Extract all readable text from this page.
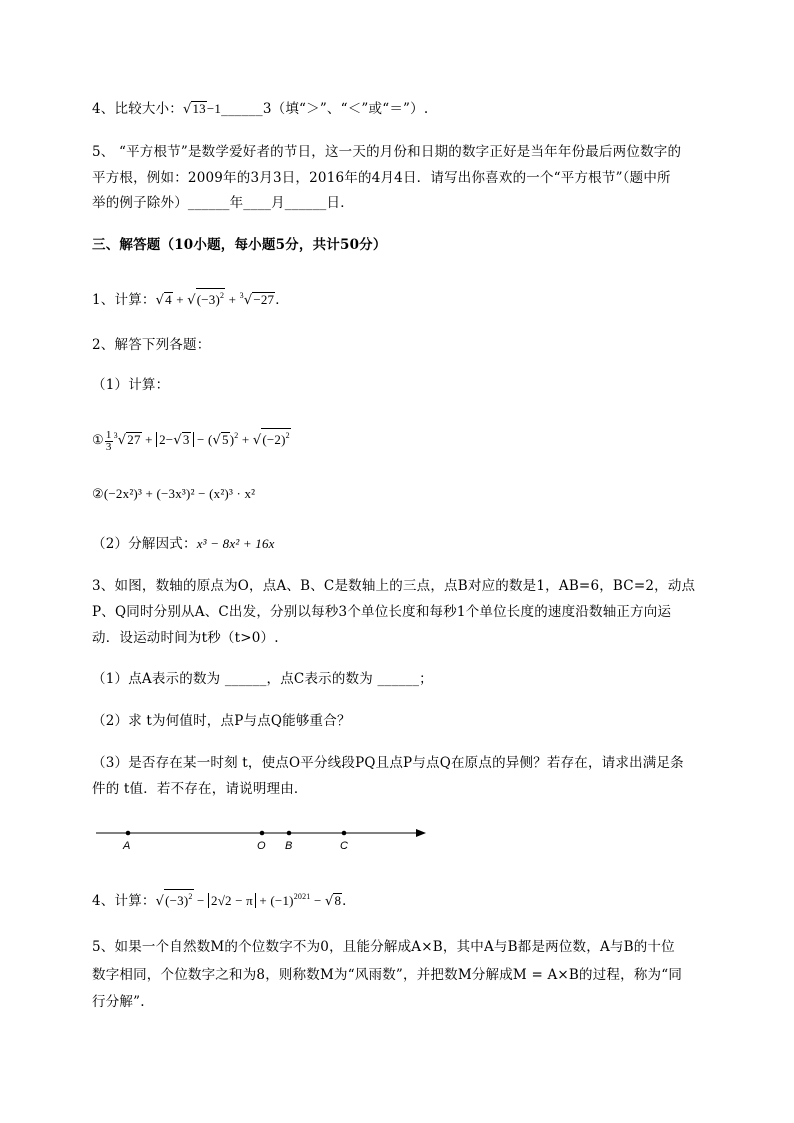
4、比较大小：√13−1______3（填“＞”、“＜”或“＝”）.
5、 “平方根节”是数学爱好者的节日，这一天的月份和日期的数字正好是当年年份最后两位数字的
平方根，例如：2009年的3月3日，2016年的4月4日．请写出你喜欢的一个“平方根节”（题中所
举的例子除外）______年____月______日．
三、解答题（10小题，每小题5分，共计50分）
1、计算：$√4 + √(-3)^2 + ^3√-27$．
2、解答下列各题：
（1）计算：
① $\frac{1}{3} ^3√27 + 2-√3 - (√5)^2 + √(-2)^2$
②(−2x²)³ + (−3x³)² − (x²)³ · x²
（2）分解因式：x³ − 8x² + 16x
3、如图，数轴的原点为O，点A、B、C是数轴上的三点，点B对应的数是1，AB=6，BC=2，动点
P、Q同时分别从A、C出发，分别以每秒3个单位长度和每秒1个单位长度的速度沿数轴正方向运
动．设运动时间为t秒（t>0）.
（1）点A表示的数为 ______，点C表示的数为 ______；
（2）求 t为何值时，点P与点Q能够重合？
（3）是否存在某一时刻 t，使点O平分线段PQ且点P与点Q在原点的异侧？若存在，请求出满足条
件的 t值．若不存在，请说明理由．
A	O B	C
4、计算：$√(-3)^2 - 2√2 - \pi + (-1)^{2021} - √8$．
5、如果一个自然数M的个位数字不为0，且能分解成A×B，其中A与B都是两位数，A与B的十位
数字相同，个位数字之和为8，则称数M为“风雨数”，并把数M分解成M = A×B的过程，称为“同
行分解”.
